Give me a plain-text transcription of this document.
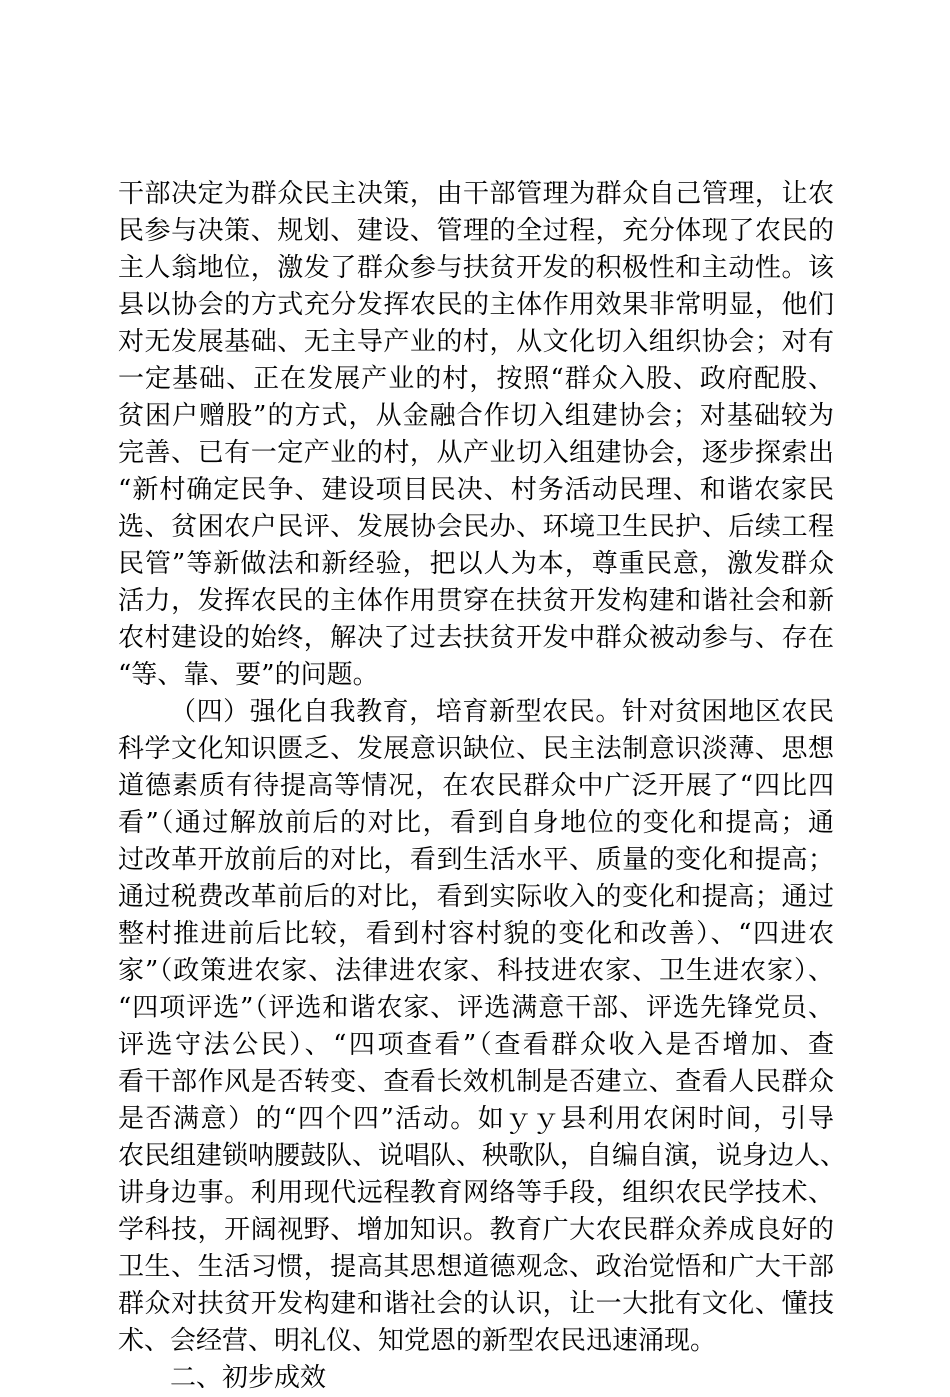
干部决定为群众民主决策，由干部管理为群众自己管理，让农
民参与决策、规划、建设、管理的全过程，充分体现了农民的
主人翁地位，激发了群众参与扶贫开发的积极性和主动性。该
县以协会的方式充分发挥农民的主体作用效果非常明显，他们
对无发展基础、无主导产业的村，从文化切入组织协会；对有
一定基础、正在发展产业的村，按照“群众入股、政府配股、
贫困户赠股”的方式，从金融合作切入组建协会；对基础较为
完善、已有一定产业的村，从产业切入组建协会，逐步探索出
“新村确定民争、建设项目民决、村务活动民理、和谐农家民
选、贫困农户民评、发展协会民办、环境卫生民护、后续工程
民管”等新做法和新经验，把以人为本，尊重民意，激发群众
活力，发挥农民的主体作用贯穿在扶贫开发构建和谐社会和新
农村建设的始终，解决了过去扶贫开发中群众被动参与、存在
“等、靠、要”的问题。
（四）强化自我教育，培育新型农民。针对贫困地区农民
科学文化知识匮乏、发展意识缺位、民主法制意识淡薄、思想
道德素质有待提高等情况，在农民群众中广泛开展了“四比四
看”（通过解放前后的对比，看到自身地位的变化和提高；通
过改革开放前后的对比，看到生活水平、质量的变化和提高；
通过税费改革前后的对比，看到实际收入的变化和提高；通过
整村推进前后比较，看到村容村貌的变化和改善）、“四进农
家”（政策进农家、法律进农家、科技进农家、卫生进农家）、
“四项评选”（评选和谐农家、评选满意干部、评选先锋党员、
评选守法公民）、“四项查看”（查看群众收入是否增加、查
看干部作风是否转变、查看长效机制是否建立、查看人民群众
是否满意）的“四个四”活动。如ｙｙ县利用农闲时间，引导
农民组建锁呐腰鼓队、说唱队、秧歌队，自编自演，说身边人、
讲身边事。利用现代远程教育网络等手段，组织农民学技术、
学科技，开阔视野、增加知识。教育广大农民群众养成良好的
卫生、生活习惯，提高其思想道德观念、政治觉悟和广大干部
群众对扶贫开发构建和谐社会的认识，让一大批有文化、懂技
术、会经营、明礼仪、知党恩的新型农民迅速涌现。
二、初步成效
